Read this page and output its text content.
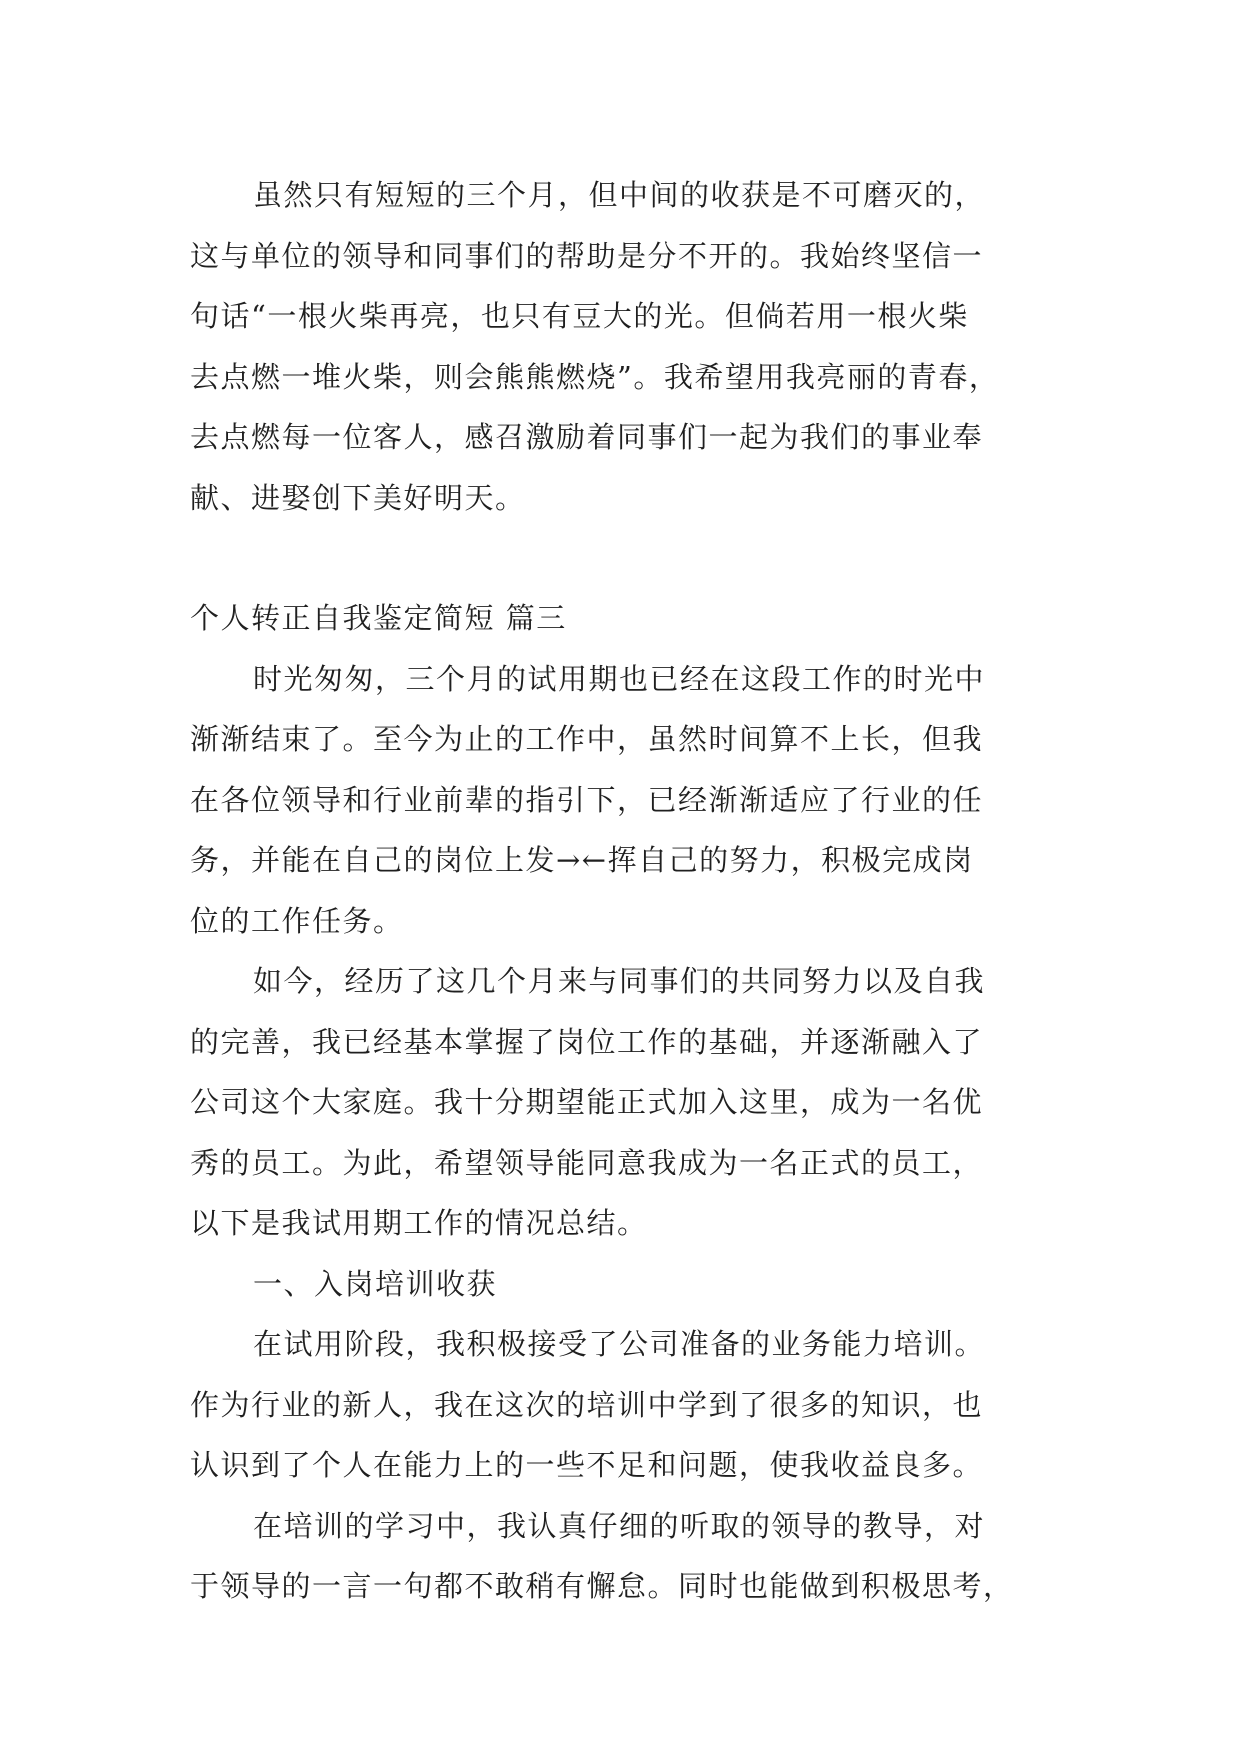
虽然只有短短的三个月，但中间的收获是不可磨灭的，
这与单位的领导和同事们的帮助是分不开的。我始终坚信一
句话“一根火柴再亮，也只有豆大的光。但倘若用一根火柴
去点燃一堆火柴，则会熊熊燃烧”。我希望用我亮丽的青春，
去点燃每一位客人，感召激励着同事们一起为我们的事业奉
献、进娶创下美好明天。
个人转正自我鉴定简短 篇三
时光匆匆，三个月的试用期也已经在这段工作的时光中
渐渐结束了。至今为止的工作中，虽然时间算不上长，但我
在各位领导和行业前辈的指引下，已经渐渐适应了行业的任
务，并能在自己的岗位上发→←挥自己的努力，积极完成岗
位的工作任务。
如今，经历了这几个月来与同事们的共同努力以及自我
的完善，我已经基本掌握了岗位工作的基础，并逐渐融入了
公司这个大家庭。我十分期望能正式加入这里，成为一名优
秀的员工。为此，希望领导能同意我成为一名正式的员工，
以下是我试用期工作的情况总结。
一、入岗培训收获
在试用阶段，我积极接受了公司准备的业务能力培训。
作为行业的新人，我在这次的培训中学到了很多的知识，也
认识到了个人在能力上的一些不足和问题，使我收益良多。
在培训的学习中，我认真仔细的听取的领导的教导，对
于领导的一言一句都不敢稍有懈怠。同时也能做到积极思考，
